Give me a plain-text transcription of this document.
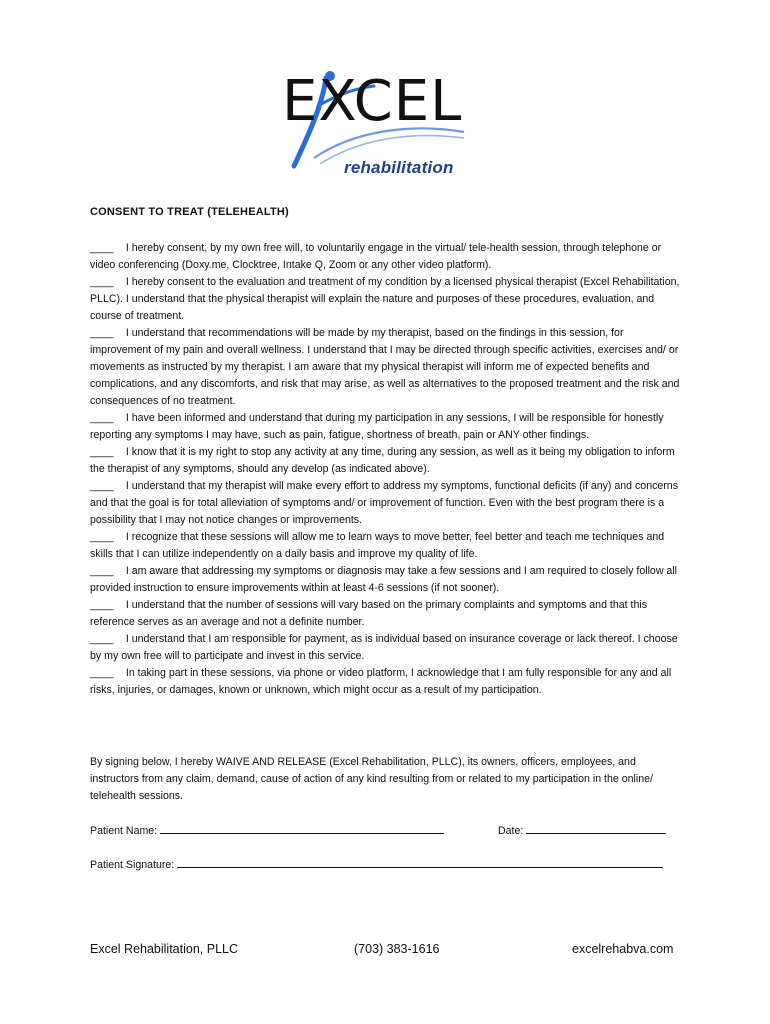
EXCEL
rehabilitation
CONSENT TO TREAT (TELEHEALTH)

____ I hereby consent, by my own free will, to voluntarily engage in the virtual/ tele-health session, through telephone or video conferencing (Doxy.me, Clocktree, Intake Q, Zoom or any other video platform).

____ I hereby consent to the evaluation and treatment of my condition by a licensed physical therapist (Excel Rehabilitation, PLLC). I understand that the physical therapist will explain the nature and purposes of these procedures, evaluation, and course of treatment.

____ I understand that recommendations will be made by my therapist, based on the findings in this session, for improvement of my pain and overall wellness. I understand that I may be directed through specific activities, exercises and/ or movements as instructed by my therapist. I am aware that my physical therapist will inform me of expected benefits and complications, and any discomforts, and risk that may arise, as well as alternatives to the proposed treatment and the risk and consequences of no treatment.

____ I have been informed and understand that during my participation in any sessions, I will be responsible for honestly reporting any symptoms I may have, such as pain, fatigue, shortness of breath, pain or ANY other findings.

____ I know that it is my right to stop any activity at any time, during any session, as well as it being my obligation to inform the therapist of any symptoms, should any develop (as indicated above).

____ I understand that my therapist will make every effort to address my symptoms, functional deficits (if any) and concerns and that the goal is for total alleviation of symptoms and/ or improvement of function. Even with the best program there is a possibility that I may not notice changes or improvements.

____ I recognize that these sessions will allow me to learn ways to move better, feel better and teach me techniques and skills that I can utilize independently on a daily basis and improve my quality of life.

____ I am aware that addressing my symptoms or diagnosis may take a few sessions and I am required to closely follow all provided instruction to ensure improvements within at least 4-6 sessions (if not sooner).

____ I understand that the number of sessions will vary based on the primary complaints and symptoms and that this reference serves as an average and not a definite number.

____ I understand that I am responsible for payment, as is individual based on insurance coverage or lack thereof. I choose by my own free will to participate and invest in this service.

____ In taking part in these sessions, via phone or video platform, I acknowledge that I am fully responsible for any and all risks, injuries, or damages, known or unknown, which might occur as a result of my participation.

By signing below, I hereby WAIVE AND RELEASE (Excel Rehabilitation, PLLC), its owners, officers, employees, and instructors from any claim, demand, cause of action of any kind resulting from or related to my participation in the online/ telehealth sessions.
Patient Name:	Date:
Patient Signature:
Excel Rehabilitation, PLLC	(703) 383-1616	excelrehabva.com
